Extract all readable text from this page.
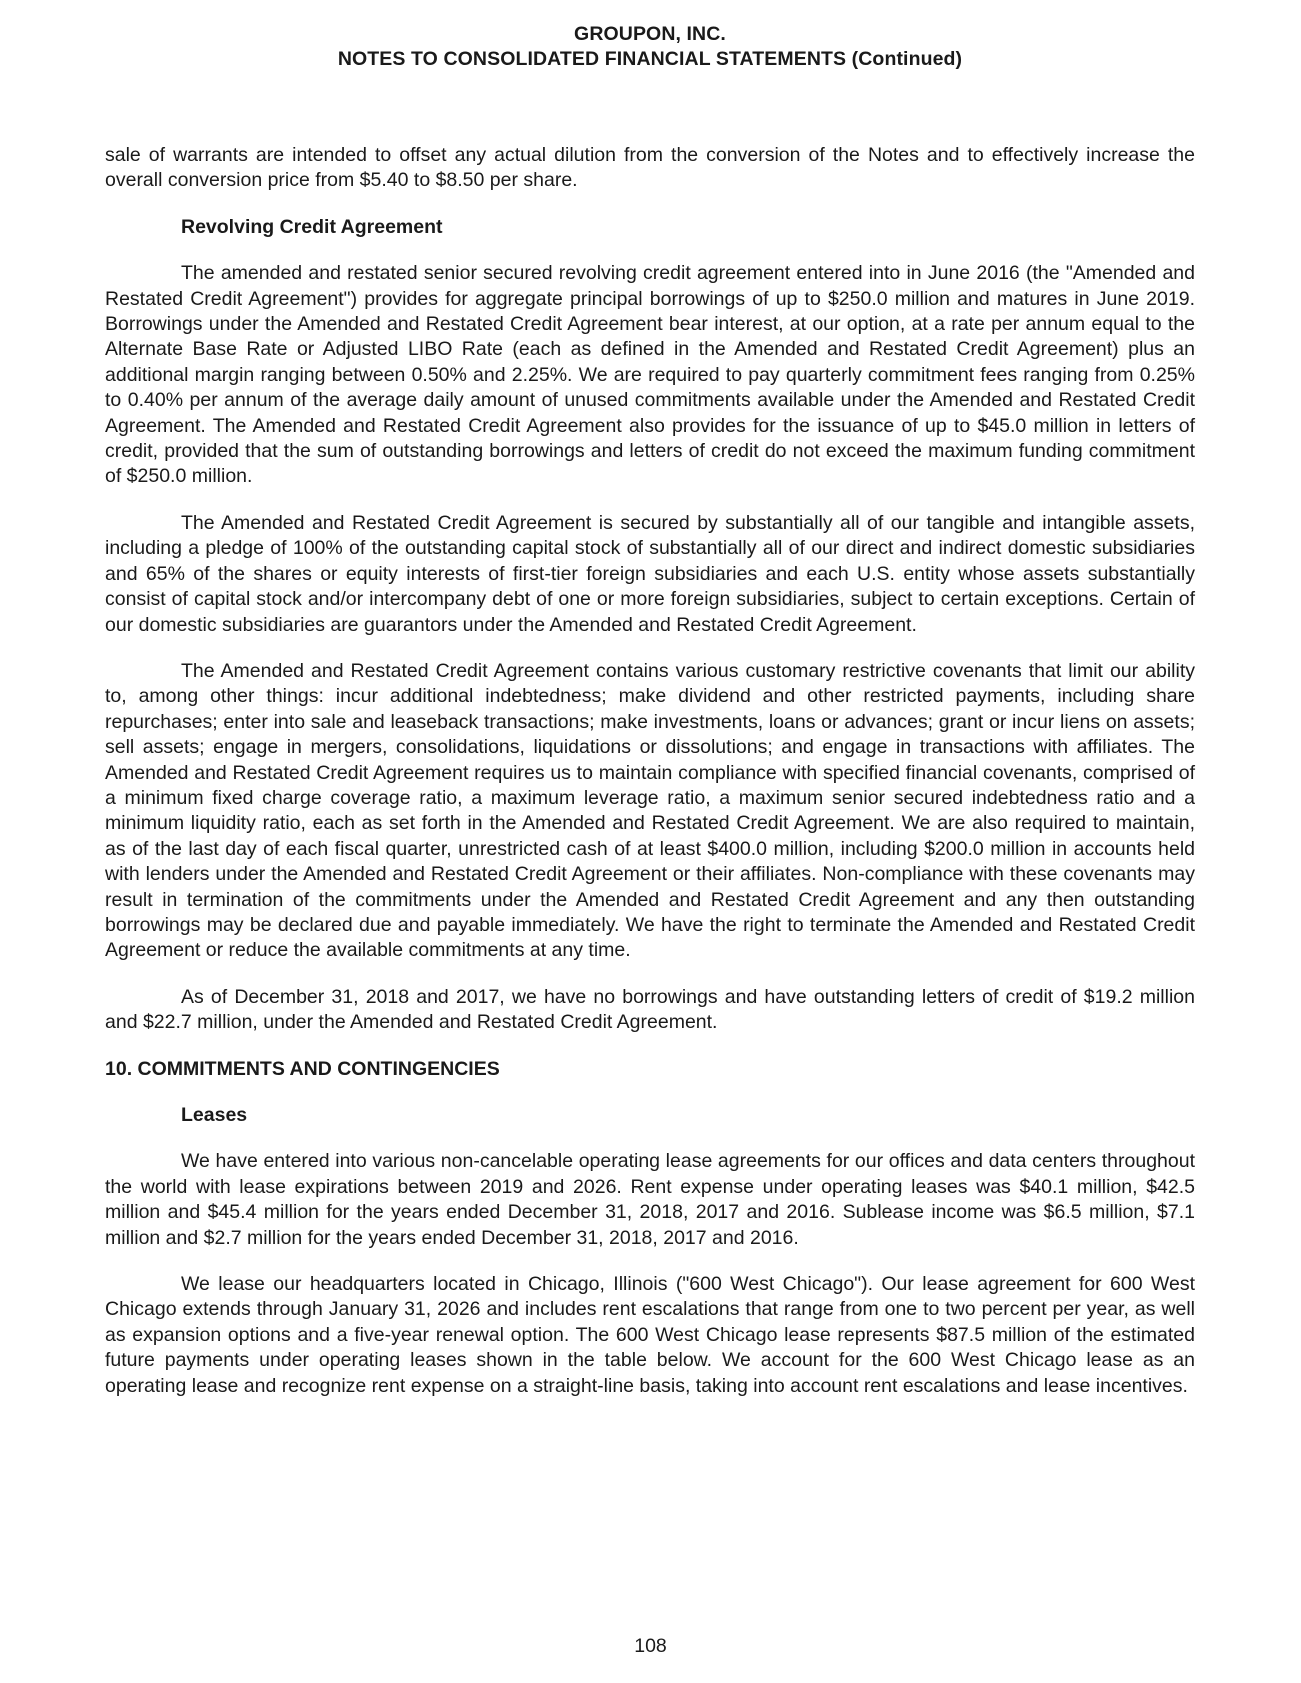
GROUPON, INC.
NOTES TO CONSOLIDATED FINANCIAL STATEMENTS (Continued)

sale of warrants are intended to offset any actual dilution from the conversion of the Notes and to effectively increase the overall conversion price from $5.40 to $8.50 per share.

Revolving Credit Agreement

The amended and restated senior secured revolving credit agreement entered into in June 2016 (the "Amended and Restated Credit Agreement") provides for aggregate principal borrowings of up to $250.0 million and matures in June 2019. Borrowings under the Amended and Restated Credit Agreement bear interest, at our option, at a rate per annum equal to the Alternate Base Rate or Adjusted LIBO Rate (each as defined in the Amended and Restated Credit Agreement) plus an additional margin ranging between 0.50% and 2.25%. We are required to pay quarterly commitment fees ranging from 0.25% to 0.40% per annum of the average daily amount of unused commitments available under the Amended and Restated Credit Agreement. The Amended and Restated Credit Agreement also provides for the issuance of up to $45.0 million in letters of credit, provided that the sum of outstanding borrowings and letters of credit do not exceed the maximum funding commitment of $250.0 million.

The Amended and Restated Credit Agreement is secured by substantially all of our tangible and intangible assets, including a pledge of 100% of the outstanding capital stock of substantially all of our direct and indirect domestic subsidiaries and 65% of the shares or equity interests of first-tier foreign subsidiaries and each U.S. entity whose assets substantially consist of capital stock and/or intercompany debt of one or more foreign subsidiaries, subject to certain exceptions. Certain of our domestic subsidiaries are guarantors under the Amended and Restated Credit Agreement.

The Amended and Restated Credit Agreement contains various customary restrictive covenants that limit our ability to, among other things: incur additional indebtedness; make dividend and other restricted payments, including share repurchases; enter into sale and leaseback transactions; make investments, loans or advances; grant or incur liens on assets; sell assets; engage in mergers, consolidations, liquidations or dissolutions; and engage in transactions with affiliates. The Amended and Restated Credit Agreement requires us to maintain compliance with specified financial covenants, comprised of a minimum fixed charge coverage ratio, a maximum leverage ratio, a maximum senior secured indebtedness ratio and a minimum liquidity ratio, each as set forth in the Amended and Restated Credit Agreement. We are also required to maintain, as of the last day of each fiscal quarter, unrestricted cash of at least $400.0 million, including $200.0 million in accounts held with lenders under the Amended and Restated Credit Agreement or their affiliates. Non-compliance with these covenants may result in termination of the commitments under the Amended and Restated Credit Agreement and any then outstanding borrowings may be declared due and payable immediately. We have the right to terminate the Amended and Restated Credit Agreement or reduce the available commitments at any time.

As of December 31, 2018 and 2017, we have no borrowings and have outstanding letters of credit of $19.2 million and $22.7 million, under the Amended and Restated Credit Agreement.

10. COMMITMENTS AND CONTINGENCIES
Leases

We have entered into various non-cancelable operating lease agreements for our offices and data centers throughout the world with lease expirations between 2019 and 2026. Rent expense under operating leases was $40.1 million, $42.5 million and $45.4 million for the years ended December 31, 2018, 2017 and 2016. Sublease income was $6.5 million, $7.1 million and $2.7 million for the years ended December 31, 2018, 2017 and 2016.

We lease our headquarters located in Chicago, Illinois ("600 West Chicago"). Our lease agreement for 600 West Chicago extends through January 31, 2026 and includes rent escalations that range from one to two percent per year, as well as expansion options and a five-year renewal option. The 600 West Chicago lease represents $87.5 million of the estimated future payments under operating leases shown in the table below. We account for the 600 West Chicago lease as an operating lease and recognize rent expense on a straight-line basis, taking into account rent escalations and lease incentives.

108
